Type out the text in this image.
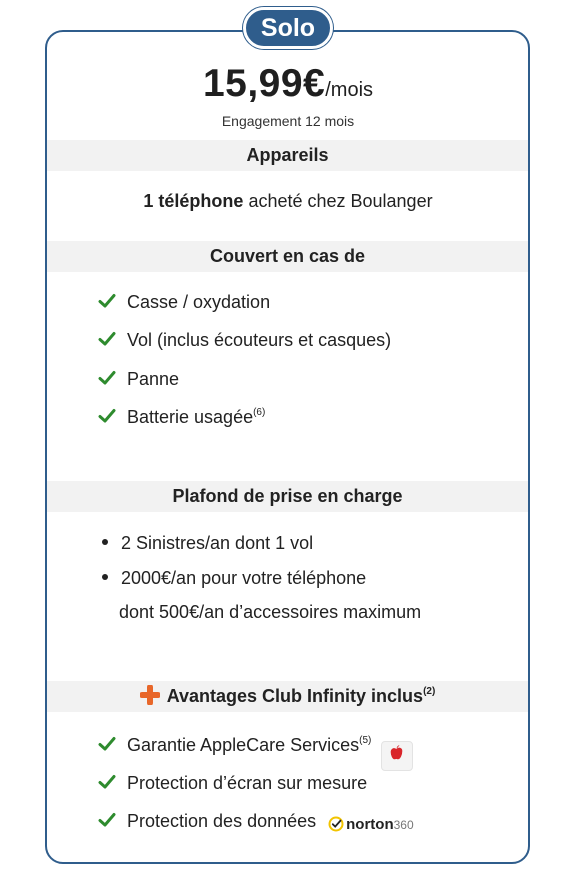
Solo
15,99€/mois
Engagement 12 mois
Appareils
1 téléphone acheté chez Boulanger
Couvert en cas de
Casse / oxydation
Vol (inclus écouteurs et casques)
Panne
Batterie usagée$^{(6)}$
Plafond de prise en charge
2 Sinistres/an dont 1 vol
2000€/an pour votre téléphone
dont 500€/an d’accessoires maximum
Avantages Club Infinity inclus$^{(2)}$
Garantie AppleCare Services$^{(5)}$
Protection d’écran sur mesure
Protection des données norton360
